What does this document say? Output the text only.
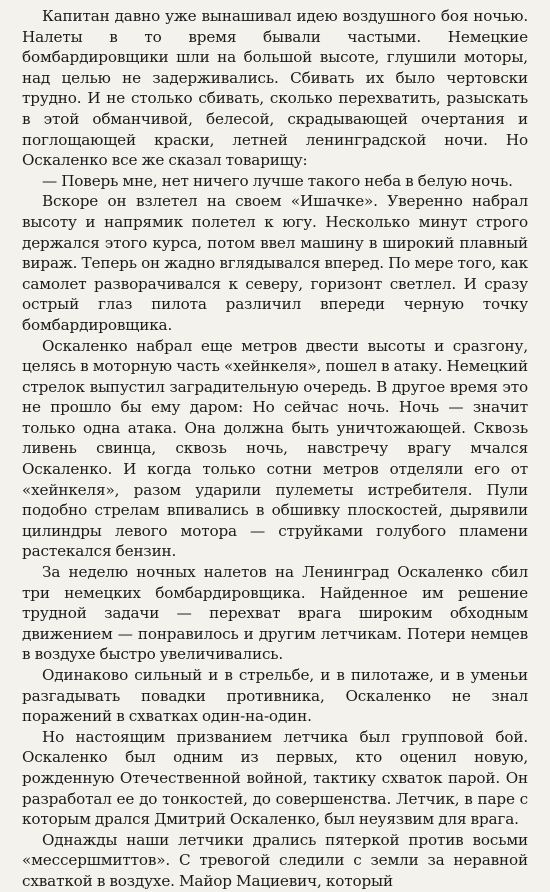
Капитан давно уже вынашивал идею воздушного боя ночью. Налеты в то время бывали частыми. Немецкие бомбардировщики шли на большой высоте, глушили моторы, над целью не задерживались. Сбивать их было чертовски трудно. И не столько сбивать, сколько перехватить, разыскать в этой обманчивой, белесой, скрадывающей очертания и поглощающей краски, летней ленинградской ночи. Но Оскаленко все же сказал товарищу:

— Поверь мне, нет ничего лучше такого неба в белую ночь.

Вскоре он взлетел на своем «Ишачке». Уверенно набрал высоту и напрямик полетел к югу. Несколько минут строго держался этого курса, потом ввел машину в широкий плавный вираж. Теперь он жадно вглядывался вперед. По мере того, как самолет разворачивался к северу, горизонт светлел. И сразу острый глаз пилота различил впереди черную точку бомбардировщика.

Оскаленко набрал еще метров двести высоты и сразгону, целясь в моторную часть «хейнкеля», пошел в атаку. Немецкий стрелок выпустил заградительную очередь. В другое время это не прошло бы ему даром: Но сейчас ночь. Ночь — значит только одна атака. Она должна быть уничтожающей. Сквозь ливень свинца, сквозь ночь, навстречу врагу мчался Оскаленко. И когда только сотни метров отделяли его от «хейнкеля», разом ударили пулеметы истребителя. Пули подобно стрелам впивались в обшивку плоскостей, дырявили цилиндры левого мотора — струйками голубого пламени растекался бензин.

За неделю ночных налетов на Ленинград Оскаленко сбил три немецких бомбардировщика. Найденное им решение трудной задачи — перехват врага широким обходным движением — понравилось и другим летчикам. Потери немцев в воздухе быстро увеличивались.

Одинаково сильный и в стрельбе, и в пилотаже, и в уменьи разгадывать повадки противника, Оскаленко не знал поражений в схватках один-на-один.

Но настоящим призванием летчика был групповой бой. Оскаленко был одним из первых, кто оценил новую, рожденную Отечественной войной, тактику схваток парой. Он разработал ее до тонкостей, до совершенства. Летчик, в паре с которым дрался Дмитрий Оскаленко, был неуязвим для врага.

Однажды наши летчики дрались пятеркой против восьми «мессершмиттов». С тревогой следили с земли за неравной схваткой в воздухе. Майор Мациевич, который
